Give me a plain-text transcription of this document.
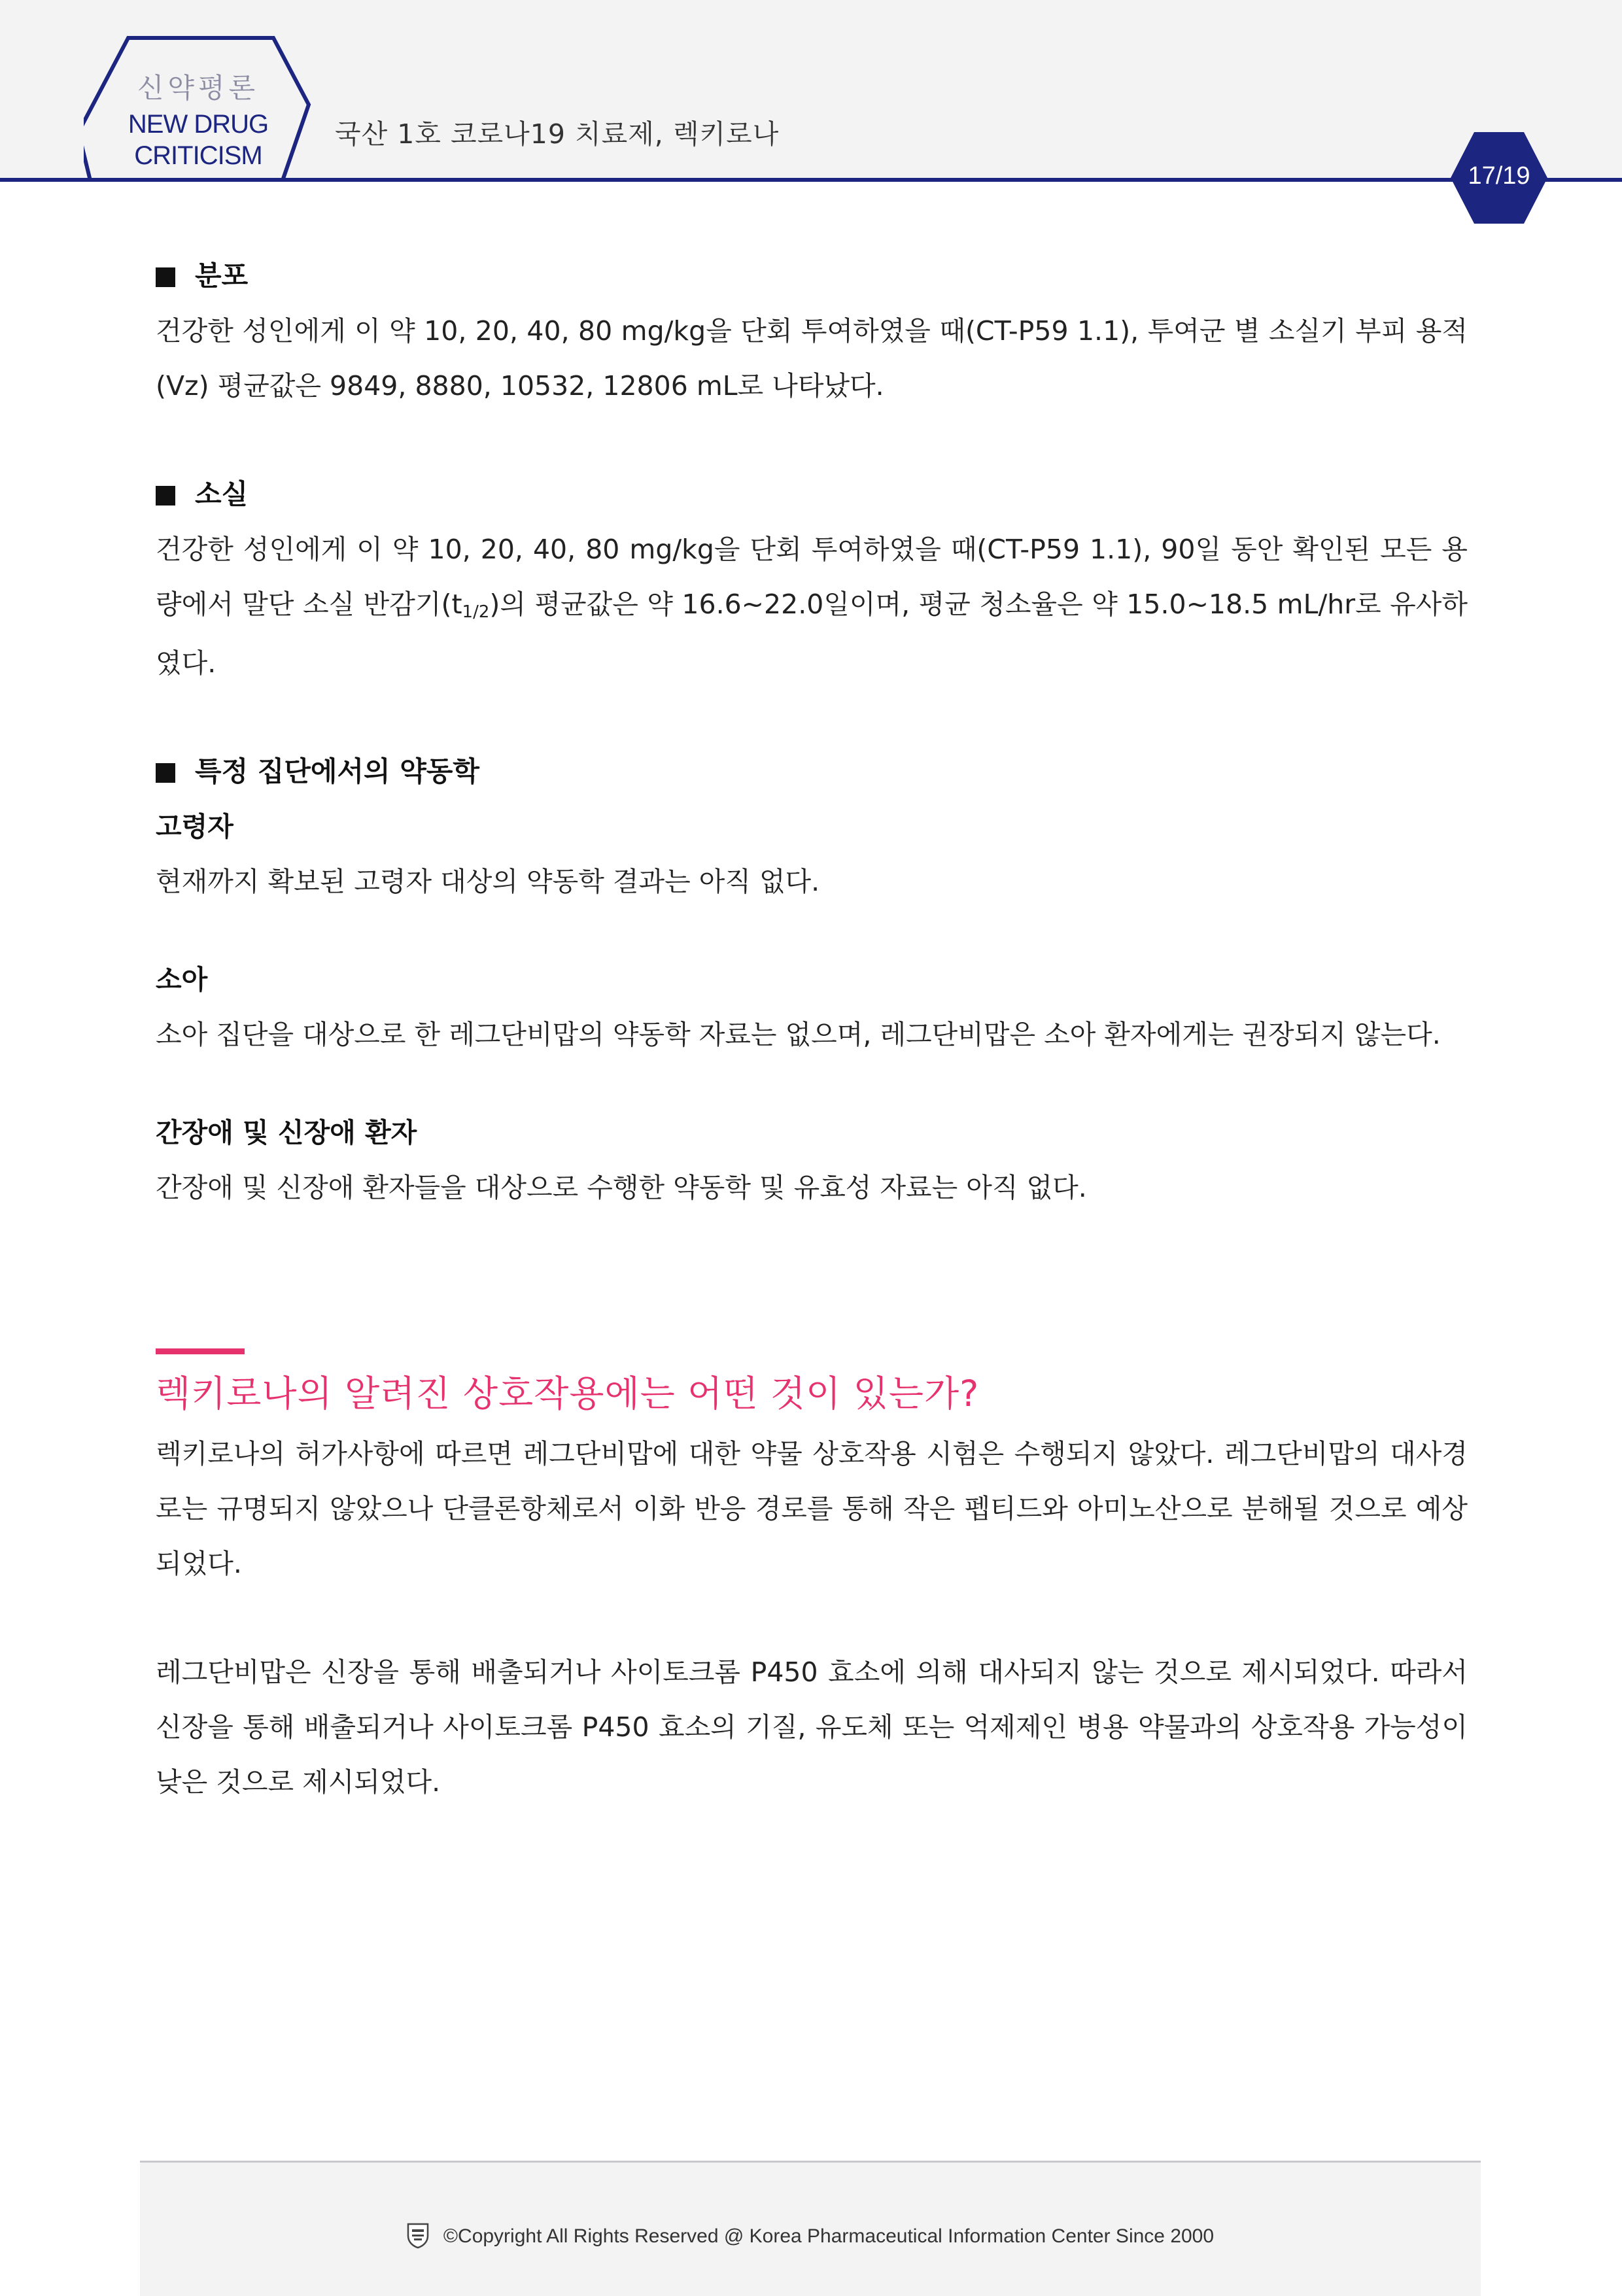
신약평론
NEW DRUG
CRITICISM
국산 1호 코로나19 치료제, 렉키로나
17/19

분포

건강한 성인에게 이 약 10, 20, 40, 80 mg/kg을 단회 투여하였을 때(CT-P59 1.1), 투여군 별 소실기 부피 용적(Vz) 평균값은 9849, 8880, 10532, 12806 mL로 나타났다.

소실

건강한 성인에게 이 약 10, 20, 40, 80 mg/kg을 단회 투여하였을 때(CT-P59 1.1), 90일 동안 확인된 모든 용량에서 말단 소실 반감기(t1/2)의 평균값은 약 16.6~22.0일이며, 평균 청소율은 약 15.0~18.5 mL/hr로 유사하였다.

특정 집단에서의 약동학

고령자

현재까지 확보된 고령자 대상의 약동학 결과는 아직 없다.

소아

소아 집단을 대상으로 한 레그단비맙의 약동학 자료는 없으며, 레그단비맙은 소아 환자에게는 권장되지 않는다.

간장애 및 신장애 환자

간장애 및 신장애 환자들을 대상으로 수행한 약동학 및 유효성 자료는 아직 없다.

렉키로나의 알려진 상호작용에는 어떤 것이 있는가?

렉키로나의 허가사항에 따르면 레그단비맙에 대한 약물 상호작용 시험은 수행되지 않았다. 레그단비맙의 대사경로는 규명되지 않았으나 단클론항체로서 이화 반응 경로를 통해 작은 펩티드와 아미노산으로 분해될 것으로 예상되었다.

레그단비맙은 신장을 통해 배출되거나 사이토크롬 P450 효소에 의해 대사되지 않는 것으로 제시되었다. 따라서 신장을 통해 배출되거나 사이토크롬 P450 효소의 기질, 유도체 또는 억제제인 병용 약물과의 상호작용 가능성이 낮은 것으로 제시되었다.

©Copyright All Rights Reserved @ Korea Pharmaceutical Information Center Since 2000
